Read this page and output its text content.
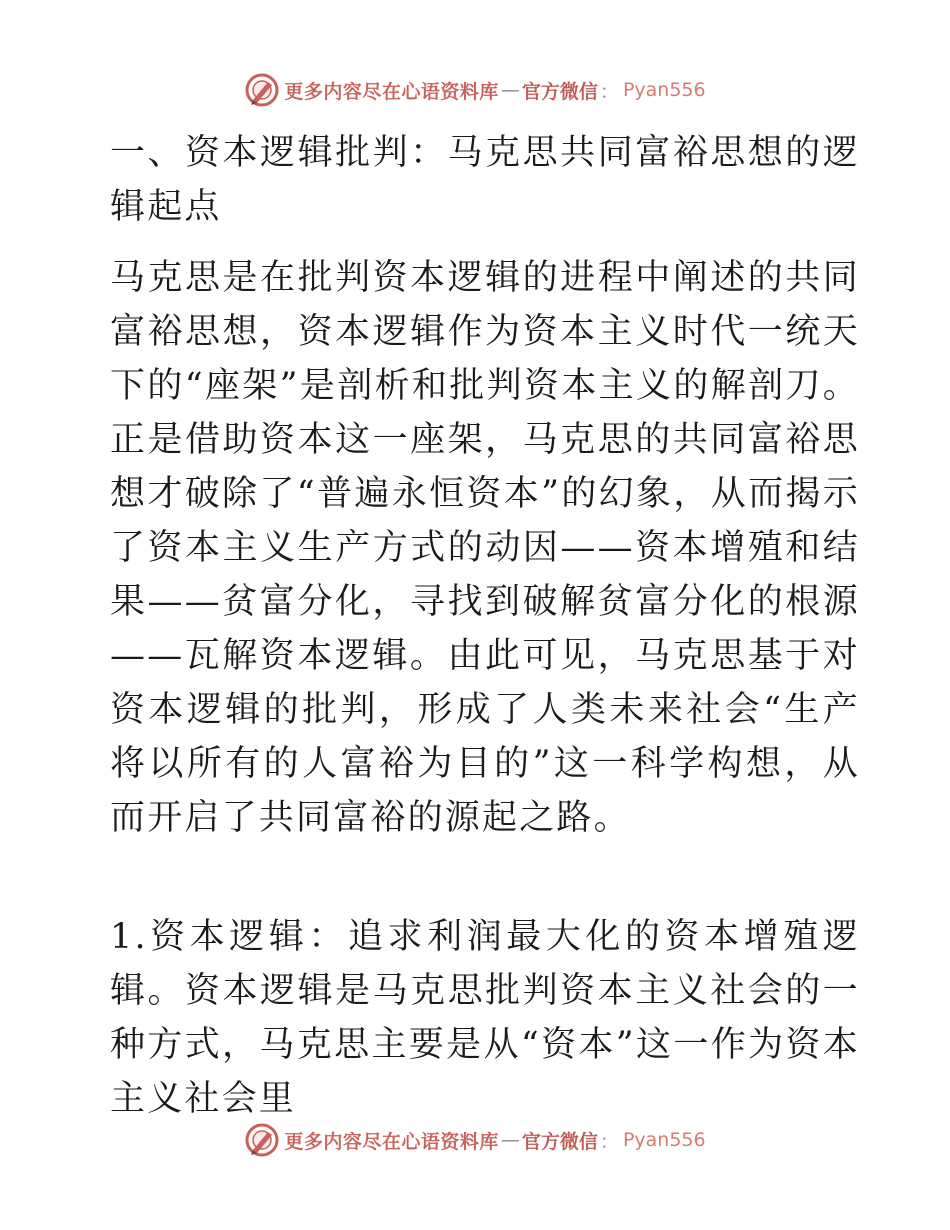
更多内容尽在心语资料库 — 官方微信 ： Pyan556

一、资本逻辑批判：马克思共同富裕思想的逻辑起点

马克思是在批判资本逻辑的进程中阐述的共同富裕思想，资本逻辑作为资本主义时代一统天下的“座架”是剖析和批判资本主义的解剖刀。正是借助资本这一座架，马克思的共同富裕思想才破除了“普遍永恒资本”的幻象，从而揭示了资本主义生产方式的动因——资本增殖和结果——贫富分化，寻找到破解贫富分化的根源——瓦解资本逻辑。由此可见，马克思基于对资本逻辑的批判，形成了人类未来社会“生产将以所有的人富裕为目的”这一科学构想，从而开启了共同富裕的源起之路。

1.资本逻辑：追求利润最大化的资本增殖逻辑。资本逻辑是马克思批判资本主义社会的一种方式，马克思主要是从“资本”这一作为资本主义社会里

更多内容尽在心语资料库 — 官方微信 ： Pyan556
